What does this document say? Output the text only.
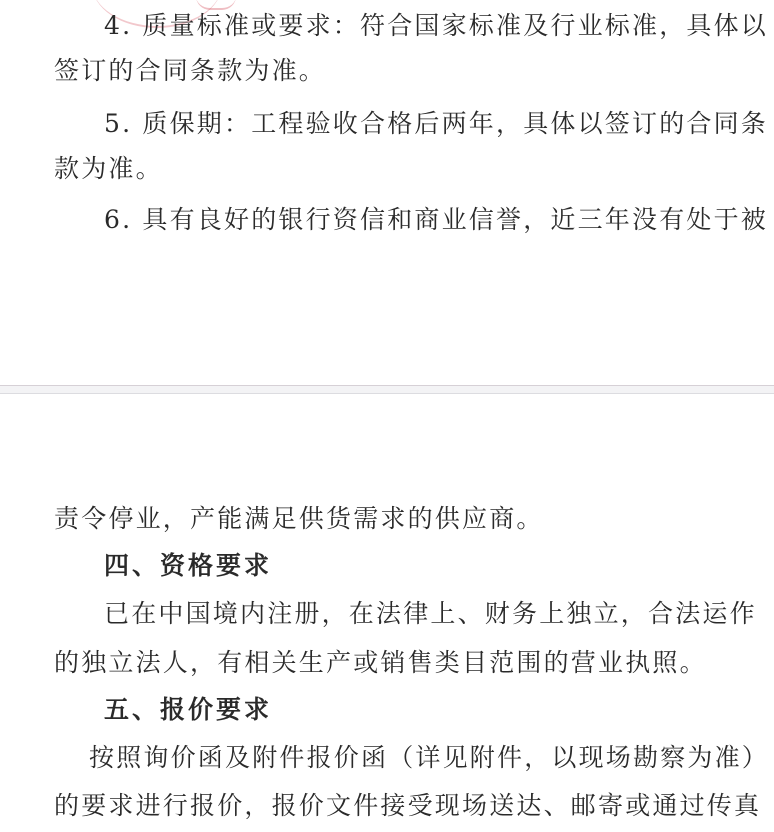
4. 质量标准或要求：符合国家标准及行业标准，具体以
签订的合同条款为准。
5. 质保期：工程验收合格后两年，具体以签订的合同条
款为准。
6. 具有良好的银行资信和商业信誉，近三年没有处于被
责令停业，产能满足供货需求的供应商。
四、资格要求
已在中国境内注册，在法律上、财务上独立，合法运作
的独立法人，有相关生产或销售类目范围的营业执照。
五、报价要求
按照询价函及附件报价函（详见附件，以现场勘察为准）
的要求进行报价，报价文件接受现场送达、邮寄或通过传真
